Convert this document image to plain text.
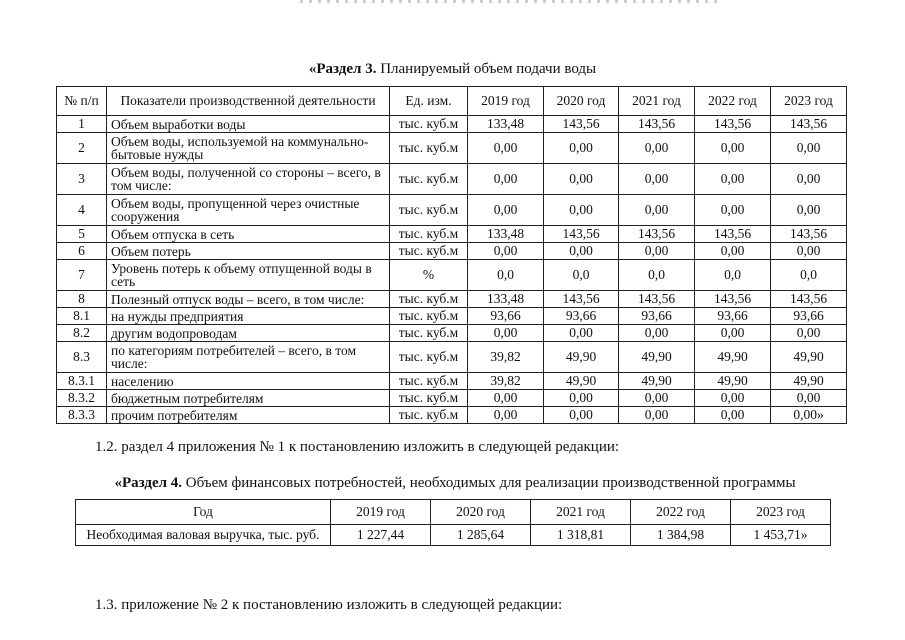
«Раздел 3. Планируемый объем подачи воды
№ п/п	Показатели производственной деятельности	Ед. изм.	2019 год	2020 год	2021 год	2022 год	2023 год
1	Объем выработки воды	тыс. куб.м	133,48	143,56	143,56	143,56	143,56
2	Объем воды, используемой на коммунально-бытовые нужды	тыс. куб.м	0,00	0,00	0,00	0,00	0,00
3	Объем воды, полученной со стороны – всего, в том числе:	тыс. куб.м	0,00	0,00	0,00	0,00	0,00
4	Объем воды, пропущенной через очистные сооружения	тыс. куб.м	0,00	0,00	0,00	0,00	0,00
5	Объем отпуска в сеть	тыс. куб.м	133,48	143,56	143,56	143,56	143,56
6	Объем потерь	тыс. куб.м	0,00	0,00	0,00	0,00	0,00
7	Уровень потерь к объему отпущенной воды в сеть	%	0,0	0,0	0,0	0,0	0,0
8	Полезный отпуск воды – всего, в том числе:	тыс. куб.м	133,48	143,56	143,56	143,56	143,56
8.1	на нужды предприятия	тыс. куб.м	93,66	93,66	93,66	93,66	93,66
8.2	другим водопроводам	тыс. куб.м	0,00	0,00	0,00	0,00	0,00
8.3	по категориям потребителей – всего, в том числе:	тыс. куб.м	39,82	49,90	49,90	49,90	49,90
8.3.1	населению	тыс. куб.м	39,82	49,90	49,90	49,90	49,90
8.3.2	бюджетным потребителям	тыс. куб.м	0,00	0,00	0,00	0,00	0,00
8.3.3	прочим потребителям	тыс. куб.м	0,00	0,00	0,00	0,00	0,00»
1.2. раздел 4 приложения № 1 к постановлению изложить в следующей редакции:
«Раздел 4. Объем финансовых потребностей, необходимых для реализации производственной программы
Год	2019 год	2020 год	2021 год	2022 год	2023 год
Необходимая валовая выручка, тыс. руб.	1 227,44	1 285,64	1 318,81	1 384,98	1 453,71»
1.3. приложение № 2 к постановлению изложить в следующей редакции:
